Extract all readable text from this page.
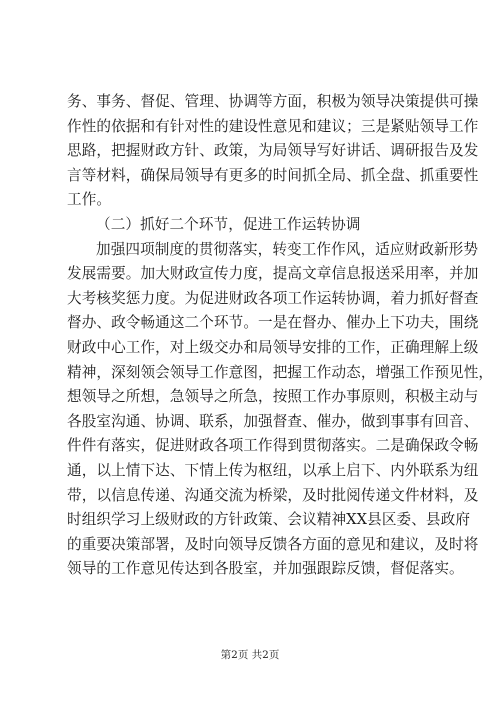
务、事务、督促、管理、协调等方面，积极为领导决策提供可操
作性的依据和有针对性的建设性意见和建议；三是紧贴领导工作
思路，把握财政方针、政策，为局领导写好讲话、调研报告及发
言等材料，确保局领导有更多的时间抓全局、抓全盘、抓重要性
工作。
（二）抓好二个环节，促进工作运转协调
加强四项制度的贯彻落实，转变工作作风，适应财政新形势
发展需要。加大财政宣传力度，提高文章信息报送采用率，并加
大考核奖惩力度。为促进财政各项工作运转协调，着力抓好督查
督办、政令畅通这二个环节。一是在督办、催办上下功夫，围绕
财政中心工作，对上级交办和局领导安排的工作，正确理解上级
精神，深刻领会领导工作意图，把握工作动态，增强工作预见性，
想领导之所想，急领导之所急，按照工作办事原则，积极主动与
各股室沟通、协调、联系，加强督查、催办，做到事事有回音、
件件有落实，促进财政各项工作得到贯彻落实。二是确保政令畅
通，以上情下达、下情上传为枢纽，以承上启下、内外联系为纽
带，以信息传递、沟通交流为桥梁，及时批阅传递文件材料，及
时组织学习上级财政的方针政策、会议精神XX县区委、县政府
的重要决策部署，及时向领导反馈各方面的意见和建议，及时将
领导的工作意见传达到各股室，并加强跟踪反馈，督促落实。
第2页 共2页
